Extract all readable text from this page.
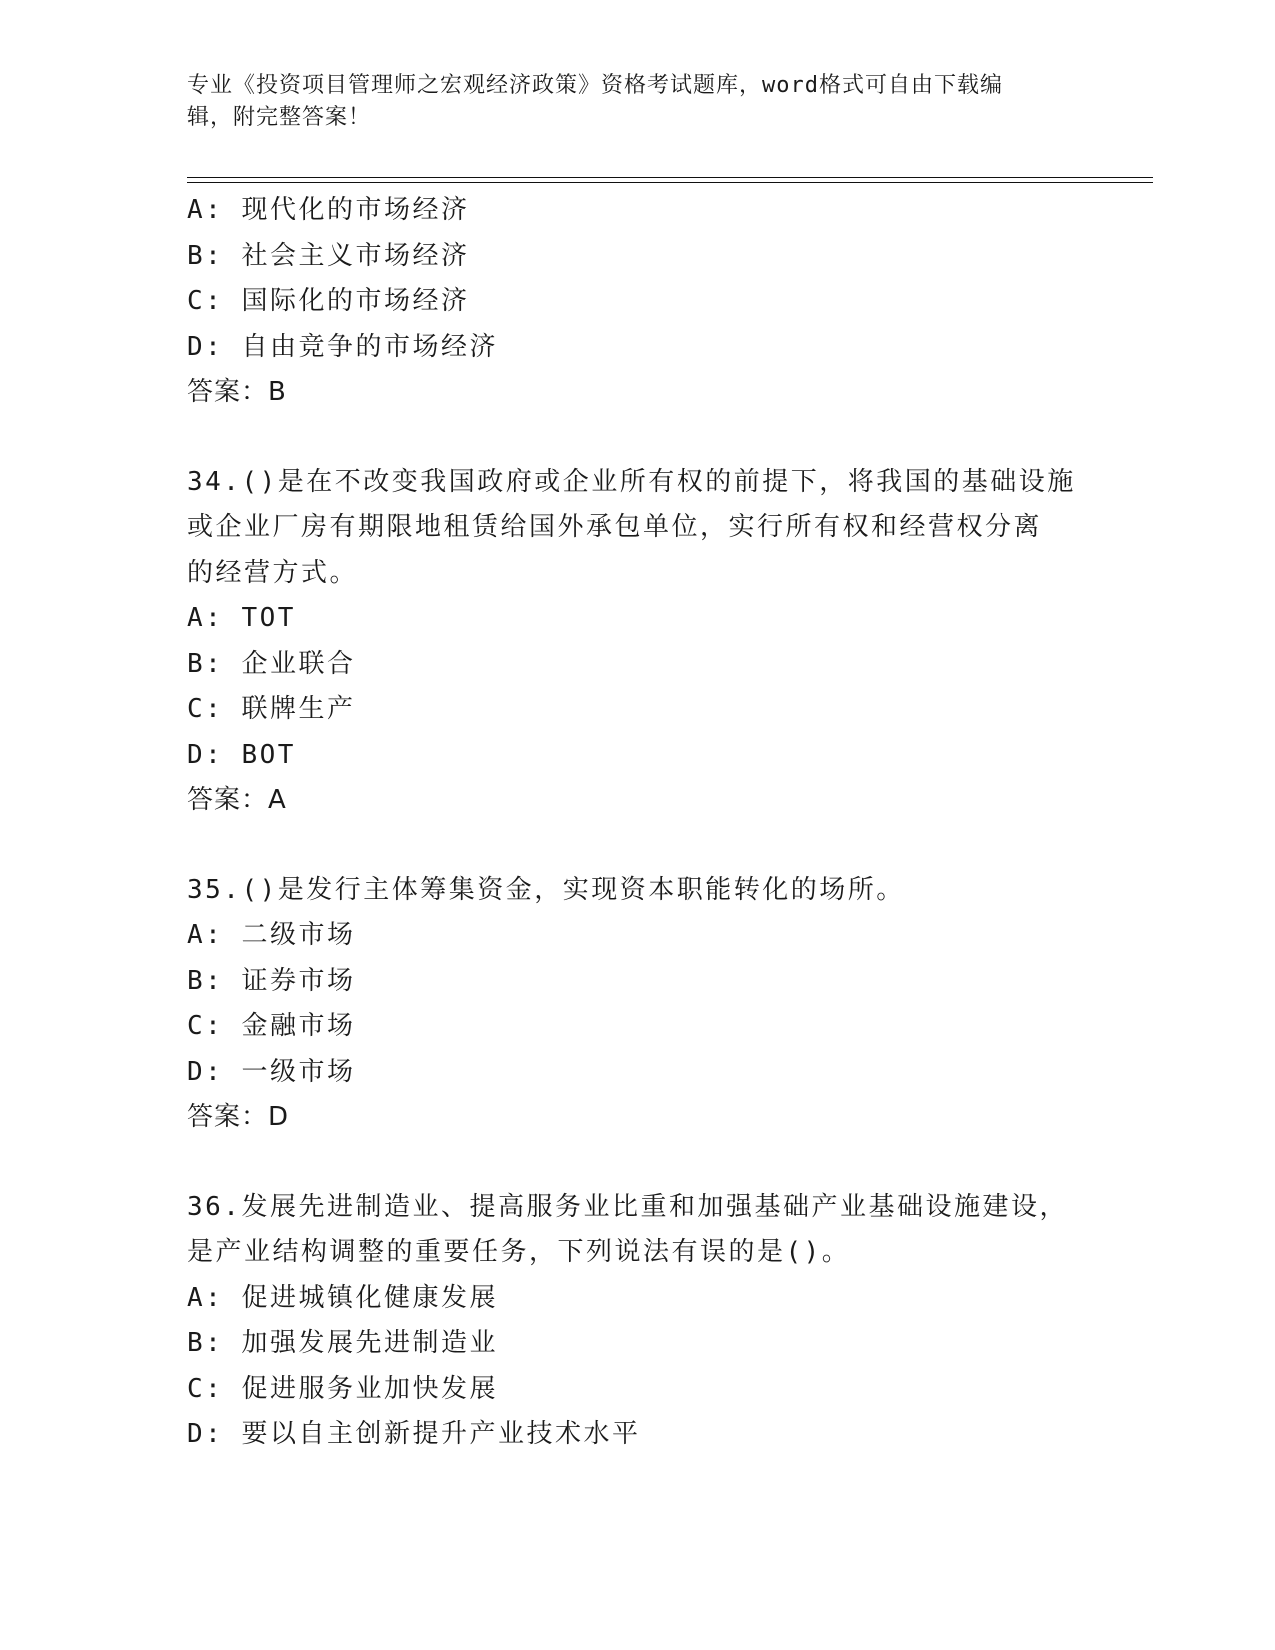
专业《投资项目管理师之宏观经济政策》资格考试题库，word格式可自由下载编
辑，附完整答案！
A: 现代化的市场经济
B: 社会主义市场经济
C: 国际化的市场经济
D: 自由竞争的市场经济
答案：B
34.()是在不改变我国政府或企业所有权的前提下，将我国的基础设施
或企业厂房有期限地租赁给国外承包单位，实行所有权和经营权分离
的经营方式。
A: TOT
B: 企业联合
C: 联牌生产
D: BOT
答案：A
35.()是发行主体筹集资金，实现资本职能转化的场所。
A: 二级市场
B: 证券市场
C: 金融市场
D: 一级市场
答案：D
36.发展先进制造业、提高服务业比重和加强基础产业基础设施建设，
是产业结构调整的重要任务，下列说法有误的是()。
A: 促进城镇化健康发展
B: 加强发展先进制造业
C: 促进服务业加快发展
D: 要以自主创新提升产业技术水平
